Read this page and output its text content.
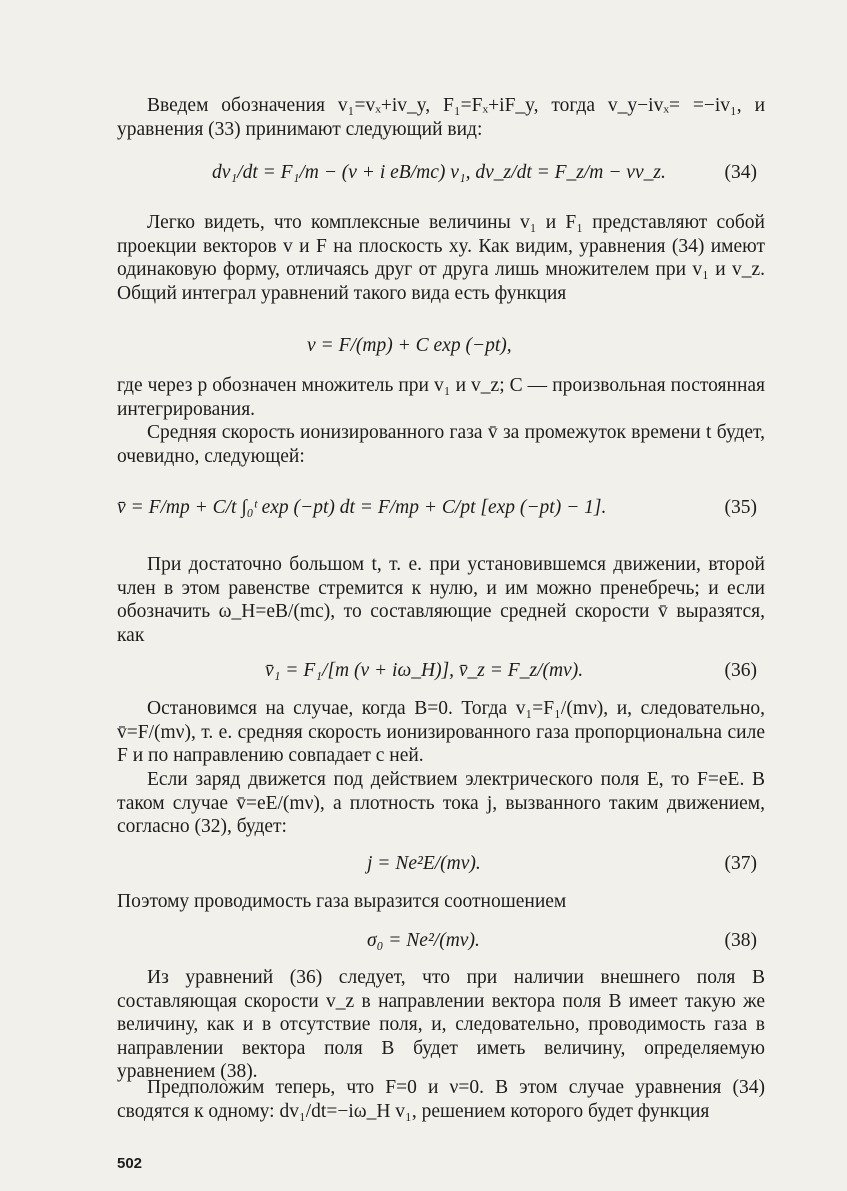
Введем обозначения v₁=vₓ+iv_y, F₁=Fₓ+iF_y, тогда v_y−ivₓ= =−iv₁, и уравнения (33) принимают следующий вид:

dv₁/dt = F₁/m − (ν + i eB/mc) v₁, dv_z/dt = F_z/m − νv_z.	(34)

Легко видеть, что комплексные величины v₁ и F₁ представляют собой проекции векторов v и F на плоскость xy. Как видим, уравнения (34) имеют одинаковую форму, отличаясь друг от друга лишь множителем при v₁ и v_z. Общий интеграл уравнений такого вида есть функция

v = F/(mp) + C exp (−pt),

где через p обозначен множитель при v₁ и v_z; C — произвольная постоянная интегрирования.

Средняя скорость ионизированного газа v̄ за промежуток времени t будет, очевидно, следующей:

v̄ = F/mp + C/t ∫₀ᵗ exp (−pt) dt = F/mp + C/pt [exp (−pt) − 1].	(35)

При достаточно большом t, т. е. при установившемся движении, второй член в этом равенстве стремится к нулю, и им можно пренебречь; и если обозначить ω_H=eB/(mc), то составляющие средней скорости v̄ выразятся, как

v̄₁ = F₁/[m (ν + iω_H)], v̄_z = F_z/(mν).	(36)

Остановимся на случае, когда B=0. Тогда v₁=F₁/(mν), и, следовательно, v̄=F/(mν), т. е. средняя скорость ионизированного газа пропорциональна силе F и по направлению совпадает с ней.

Если заряд движется под действием электрического поля E, то F=eE. В таком случае v̄=eE/(mν), а плотность тока j, вызванного таким движением, согласно (32), будет:

j = Ne²E/(mν).	(37)

Поэтому проводимость газа выразится соотношением

σ₀ = Ne²/(mν).	(38)

Из уравнений (36) следует, что при наличии внешнего поля B составляющая скорости v_z в направлении вектора поля B имеет такую же величину, как и в отсутствие поля, и, следовательно, проводимость газа в направлении вектора поля B будет иметь величину, определяемую уравнением (38).

Предположим теперь, что F=0 и ν=0. В этом случае уравнения (34) сводятся к одному: dv₁/dt=−iω_H v₁, решением которого будет функция

502
